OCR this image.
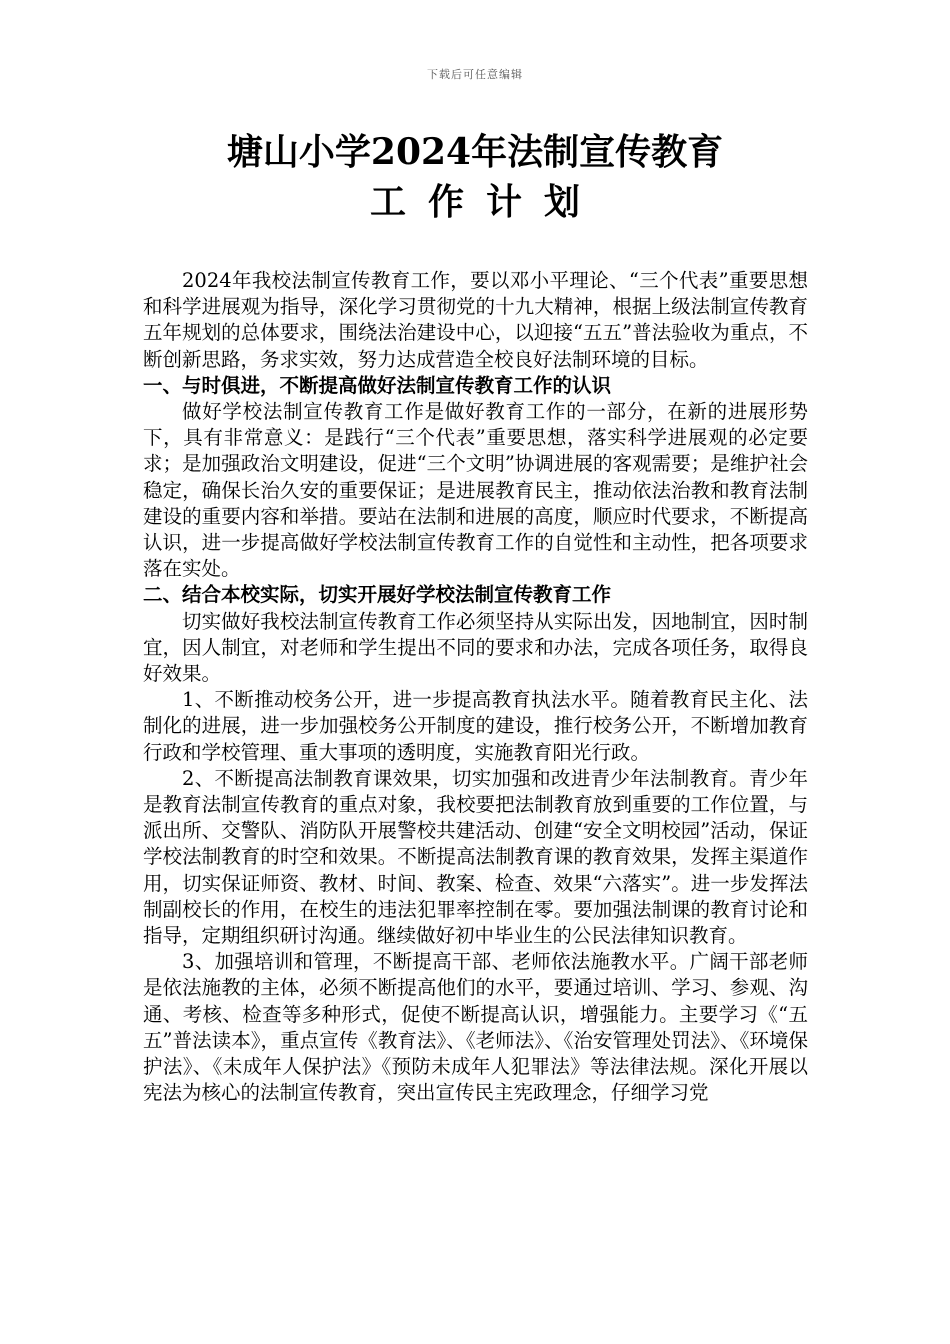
下载后可任意编辑
塘山小学2024年法制宣传教育
工作计划

2024年我校法制宣传教育工作，要以邓小平理论、“三个代表”重要思想和科学进展观为指导，深化学习贯彻党的十九大精神，根据上级法制宣传教育五年规划的总体要求，围绕法治建设中心，以迎接“五五”普法验收为重点，不断创新思路，务求实效，努力达成营造全校良好法制环境的目标。

一、与时俱进，不断提高做好法制宣传教育工作的认识

做好学校法制宣传教育工作是做好教育工作的一部分，在新的进展形势下，具有非常意义：是践行“三个代表”重要思想，落实科学进展观的必定要求；是加强政治文明建设，促进“三个文明”协调进展的客观需要；是维护社会稳定，确保长治久安的重要保证；是进展教育民主，推动依法治教和教育法制建设的重要内容和举措。要站在法制和进展的高度，顺应时代要求，不断提高认识，进一步提高做好学校法制宣传教育工作的自觉性和主动性，把各项要求落在实处。

二、结合本校实际，切实开展好学校法制宣传教育工作

切实做好我校法制宣传教育工作必须坚持从实际出发，因地制宜，因时制宜，因人制宜，对老师和学生提出不同的要求和办法，完成各项任务，取得良好效果。

1、不断推动校务公开，进一步提高教育执法水平。随着教育民主化、法制化的进展，进一步加强校务公开制度的建设，推行校务公开，不断增加教育行政和学校管理、重大事项的透明度，实施教育阳光行政。

2、不断提高法制教育课效果，切实加强和改进青少年法制教育。青少年是教育法制宣传教育的重点对象，我校要把法制教育放到重要的工作位置，与派出所、交警队、消防队开展警校共建活动、创建“安全文明校园”活动，保证学校法制教育的时空和效果。不断提高法制教育课的教育效果，发挥主渠道作用，切实保证师资、教材、时间、教案、检查、效果“六落实”。进一步发挥法制副校长的作用，在校生的违法犯罪率控制在零。要加强法制课的教育讨论和指导，定期组织研讨沟通。继续做好初中毕业生的公民法律知识教育。

3、加强培训和管理，不断提高干部、老师依法施教水平。广阔干部老师是依法施教的主体，必须不断提高他们的水平，要通过培训、学习、参观、沟通、考核、检查等多种形式，促使不断提高认识，增强能力。主要学习《“五五”普法读本》，重点宣传《教育法》、《老师法》、《治安管理处罚法》、《环境保护法》、《未成年人保护法》《预防未成年人犯罪法》等法律法规。深化开展以宪法为核心的法制宣传教育，突出宣传民主宪政理念，仔细学习党
